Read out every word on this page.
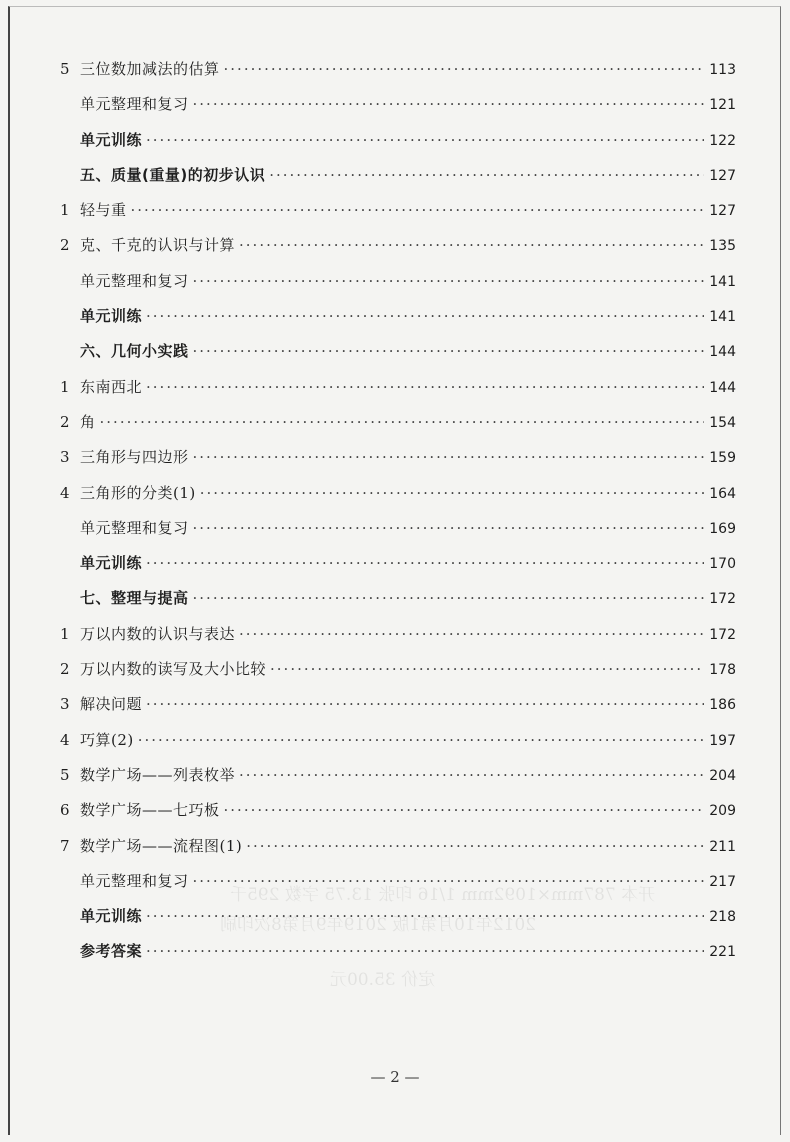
开本 787mm×1092mm 1/16 印张 13.75 字数 295千
2012年10月第1版 2019年9月第8次印刷
定价 35.00元
5 三位数加减法的估算 ·····	113
单元整理和复习 ·····	121
单元训练 ·····	122
五、质量(重量)的初步认识 ·····	127
1 轻与重 ·····	127
2 克、千克的认识与计算 ·····	135
单元整理和复习 ·····	141
单元训练 ·····	141
六、几何小实践 ·····	144
1 东南西北 ·····	144
2 角 ·····	154
3 三角形与四边形 ·····	159
4 三角形的分类(1) ·····	164
单元整理和复习 ·····	169
单元训练 ·····	170
七、整理与提高 ·····	172
1 万以内数的认识与表达 ·····	172
2 万以内数的读写及大小比较 ·····	178
3 解决问题 ·····	186
4 巧算(2) ·····	197
5 数学广场——列表枚举 ·····	204
6 数学广场——七巧板 ·····	209
7 数学广场——流程图(1) ·····	211
单元整理和复习 ·····	217
单元训练 ·····	218
参考答案 ·····	221
— 2 —
